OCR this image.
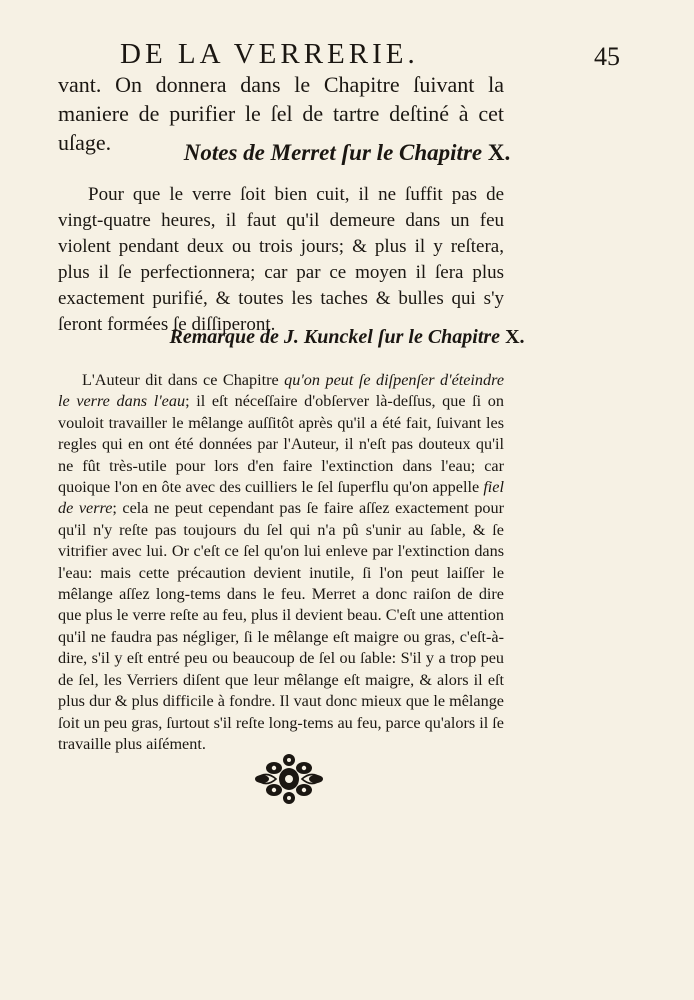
DE LA VERRERIE.	45

vant. On donnera dans le Chapitre ſuivant la maniere de purifier le ſel de tartre deſtiné à cet uſage.	Notes de Merret ſur le Chapitre X.

Pour que le verre ſoit bien cuit, il ne ſuffit pas de vingt-quatre heures, il faut qu'il demeure dans un feu violent pendant deux ou trois jours; & plus il y reſtera, plus il ſe perfectionnera; car par ce moyen il ſera plus exactement purifié, & toutes les taches & bulles qui s'y ſeront formées ſe diſſiperont.

Remarque de J. Kunckel ſur le Chapitre X.

L'Auteur dit dans ce Chapitre qu'on peut ſe diſpenſer d'éteindre le verre dans l'eau; il eſt néceſſaire d'obſerver là-deſſus, que ſi on vouloit travailler le mêlange auſſitôt après qu'il a été fait, ſuivant les regles qui en ont été données par l'Auteur, il n'eſt pas douteux qu'il ne fût très-utile pour lors d'en faire l'extinction dans l'eau; car quoique l'on en ôte avec des cuilliers le ſel ſuperflu qu'on appelle fiel de verre; cela ne peut cependant pas ſe faire aſſez exactement pour qu'il n'y reſte pas toujours du ſel qui n'a pû s'unir au ſable, & ſe vitrifier avec lui. Or c'eſt ce ſel qu'on lui enleve par l'extinction dans l'eau: mais cette précaution devient inutile, ſi l'on peut laiſſer le mêlange aſſez long-tems dans le feu. Merret a donc raiſon de dire que plus le verre reſte au feu, plus il devient beau. C'eſt une attention qu'il ne faudra pas négliger, ſi le mêlange eſt maigre ou gras, c'eſt-à-dire, s'il y eſt entré peu ou beaucoup de ſel ou ſable: S'il y a trop peu de ſel, les Verriers diſent que leur mêlange eſt maigre, & alors il eſt plus dur & plus difficile à fondre. Il vaut donc mieux que le mêlange ſoit un peu gras, ſurtout s'il reſte long-tems au feu, parce qu'alors il ſe travaille plus aiſément.
